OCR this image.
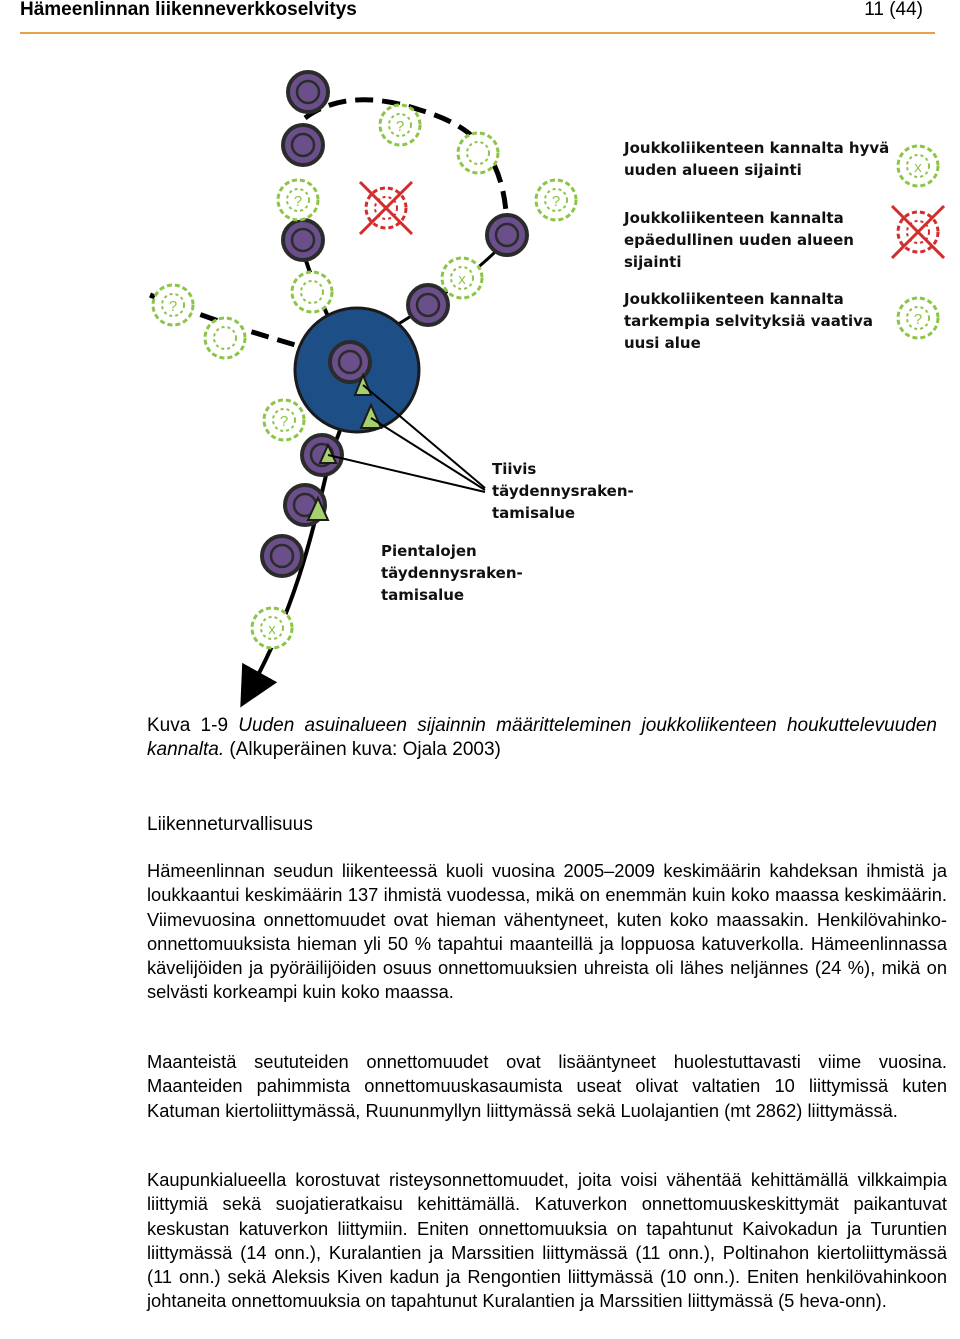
Hämeenlinnan liikenneverkkoselvitys	11 (44)
?
?	?
x
?
?
x
Tiivis täydennysraken- tamisalue
Pientalojen täydennysraken- tamisalue
Joukkoliikenteen kannalta hyvä uuden alueen sijainti	x
Joukkoliikenteen kannalta epäedullinen uuden alueen sijainti
Joukkoliikenteen kannalta tarkempia selvityksiä vaativa uusi alue
?
Kuva 1-9 Uuden asuinalueen sijainnin määritteleminen joukkoliikenteen houkuttelevuuden kannalta. (Alkuperäinen kuva: Ojala 2003)
Liikenneturvallisuus

Hämeenlinnan seudun liikenteessä kuoli vuosina 2005–2009 keskimäärin kahdeksan ihmistä ja loukkaantui keskimäärin 137 ihmistä vuodessa, mikä on enemmän kuin koko maassa keskimäärin. Viimevuosina onnettomuudet ovat hieman vähentyneet, kuten koko maassakin. Henkilövahinko-onnettomuuksista hieman yli 50 % tapahtui maanteillä ja loppuosa katuverkolla. Hämeenlinnassa kävelijöiden ja pyöräilijöiden osuus onnettomuuksien uhreista oli lähes neljännes (24 %), mikä on selvästi korkeampi kuin koko maassa.

Maanteistä seututeiden onnettomuudet ovat lisääntyneet huolestuttavasti viime vuosina. Maanteiden pahimmista onnettomuuskasaumista useat olivat valtatien 10 liittymissä kuten Katuman kiertoliittymässä, Ruununmyllyn liittymässä sekä Luolajantien (mt 2862) liittymässä.

Kaupunkialueella korostuvat risteysonnettomuudet, joita voisi vähentää kehittämällä vilkkaimpia liittymiä sekä suojatieratkaisu kehittämällä. Katuverkon onnettomuuskeskittymät paikantuvat keskustan katuverkon liittymiin. Eniten onnettomuuksia on tapahtunut Kaivokadun ja Turuntien liittymässä (14 onn.), Kuralantien ja Marssitien liittymässä (11 onn.), Poltinahon kiertoliittymässä (11 onn.) sekä Aleksis Kiven kadun ja Rengontien liittymässä (10 onn.). Eniten henkilövahinkoon johtaneita onnettomuuksia on tapahtunut Kuralantien ja Marssitien liittymässä (5 heva-onn).
